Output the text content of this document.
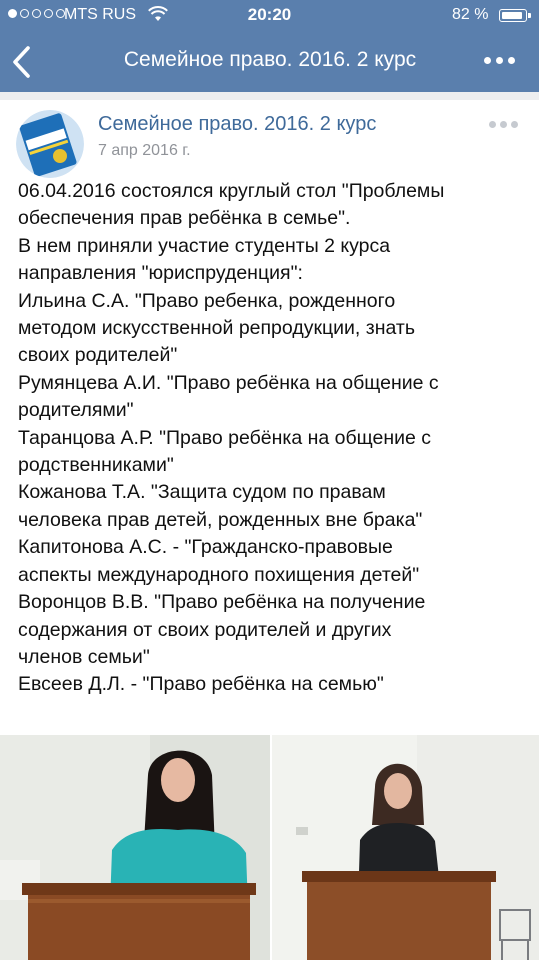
MTS RUS	20:20	82 %
Семейное право. 2016. 2 курс
Семейное право. 2016. 2 курс
7 апр 2016 г.
06.04.2016 состоялся круглый стол "Проблемы
обеспечения прав ребёнка в семье".
В нем приняли участие студенты 2 курса
направления "юриспруденция":
Ильина С.А. "Право ребенка, рожденного
методом искусственной репродукции, знать
своих родителей"
Румянцева А.И. "Право ребёнка на общение с
родителями"
Таранцова А.Р. "Право ребёнка на общение с
родственниками"
Кожанова Т.А. "Защита судом по правам
человека прав детей, рожденных вне брака"
Капитонова А.С. - "Гражданско-правовые
аспекты международного похищения детей"
Воронцов В.В. "Право ребёнка на получение
содержания от своих родителей и других
членов семьи"
Евсеев Д.Л. - "Право ребёнка на семью"
